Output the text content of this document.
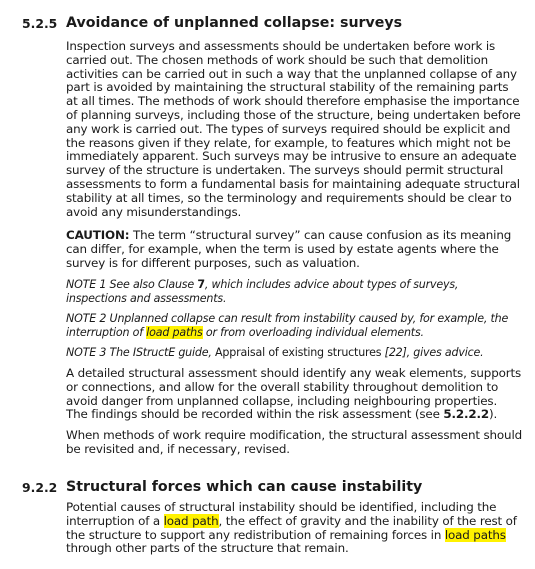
5.2.5 Avoidance of unplanned collapse: surveys

Inspection surveys and assessments should be undertaken before work is carried out. The chosen methods of work should be such that demolition activities can be carried out in such a way that the unplanned collapse of any part is avoided by maintaining the structural stability of the remaining parts at all times. The methods of work should therefore emphasise the importance of planning surveys, including those of the structure, being undertaken before any work is carried out. The types of surveys required should be explicit and the reasons given if they relate, for example, to features which might not be immediately apparent. Such surveys may be intrusive to ensure an adequate survey of the structure is undertaken. The surveys should permit structural assessments to form a fundamental basis for maintaining adequate structural stability at all times, so the terminology and requirements should be clear to avoid any misunderstandings.

CAUTION: The term “structural survey” can cause confusion as its meaning can differ, for example, when the term is used by estate agents where the survey is for different purposes, such as valuation.

NOTE 1 See also Clause 7, which includes advice about types of surveys, inspections and assessments.

NOTE 2 Unplanned collapse can result from instability caused by, for example, the interruption of load paths or from overloading individual elements.

NOTE 3 The IStructE guide, Appraisal of existing structures [22], gives advice.

A detailed structural assessment should identify any weak elements, supports or connections, and allow for the overall stability throughout demolition to avoid danger from unplanned collapse, including neighbouring properties. The findings should be recorded within the risk assessment (see 5.2.2.2).

When methods of work require modification, the structural assessment should be revisited and, if necessary, revised.

9.2.2 Structural forces which can cause instability

Potential causes of structural instability should be identified, including the interruption of a load path, the effect of gravity and the inability of the rest of the structure to support any redistribution of remaining forces in load paths through other parts of the structure that remain.
